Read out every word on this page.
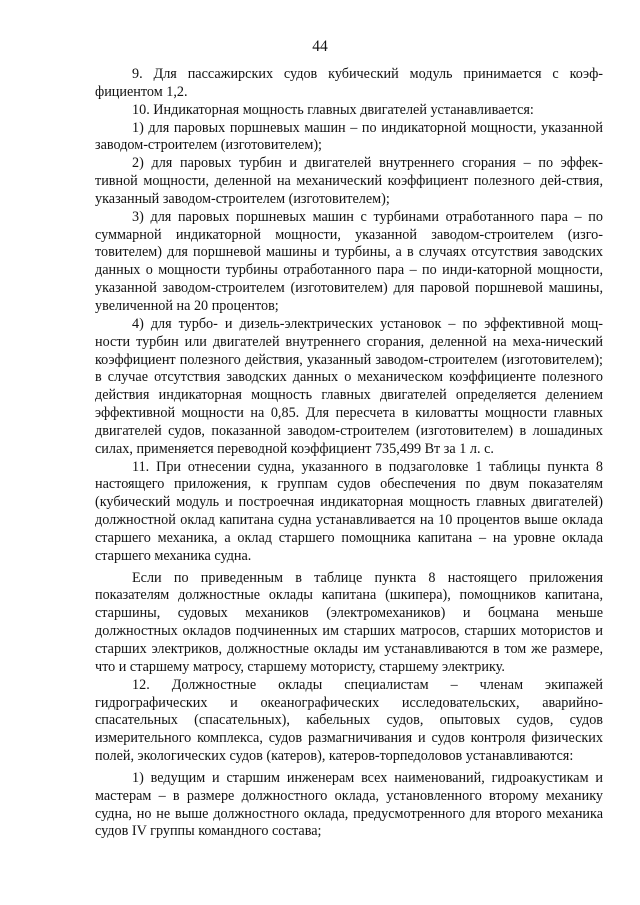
44

9. Для пассажирских судов кубический модуль принимается с коэф-фициентом 1,2.

10. Индикаторная мощность главных двигателей устанавливается:

1) для паровых поршневых машин – по индикаторной мощности, указанной заводом-строителем (изготовителем);

2) для паровых турбин и двигателей внутреннего сгорания – по эффек-тивной мощности, деленной на механический коэффициент полезного дей-ствия, указанный заводом-строителем (изготовителем);

3) для паровых поршневых машин с турбинами отработанного пара – по суммарной индикаторной мощности, указанной заводом-строителем (изго-товителем) для поршневой машины и турбины, а в случаях отсутствия заводских данных о мощности турбины отработанного пара – по инди-каторной мощности, указанной заводом-строителем (изготовителем) для паровой поршневой машины, увеличенной на 20 процентов;

4) для турбо- и дизель-электрических установок – по эффективной мощ-ности турбин или двигателей внутреннего сгорания, деленной на меха-нический коэффициент полезного действия, указанный заводом-строителем (изготовителем); в случае отсутствия заводских данных о механическом коэффициенте полезного действия индикаторная мощность главных двигателей определяется делением эффективной мощности на 0,85. Для пересчета в киловатты мощности главных двигателей судов, показанной заводом-строителем (изготовителем) в лошадиных силах, применяется переводной коэффициент 735,499 Вт за 1 л. с.

11. При отнесении судна, указанного в подзаголовке 1 таблицы пункта 8 настоящего приложения, к группам судов обеспечения по двум показателям (кубический модуль и построечная индикаторная мощность главных двигателей) должностной оклад капитана судна устанавливается на 10 процентов выше оклада старшего механика, а оклад старшего помощника капитана – на уровне оклада старшего механика судна.

Если по приведенным в таблице пункта 8 настоящего приложения показателям должностные оклады капитана (шкипера), помощников капитана, старшины, судовых механиков (электромехаников) и боцмана меньше должностных окладов подчиненных им старших матросов, старших мотористов и старших электриков, должностные оклады им устанавливаются в том же размере, что и старшему матросу, старшему мотористу, старшему электрику.

12. Должностные оклады специалистам – членам экипажей гидрографических и океанографических исследовательских, аварийно-спасательных (спасательных), кабельных судов, опытовых судов, судов измерительного комплекса, судов размагничивания и судов контроля физических полей, экологических судов (катеров), катеров-торпедоловов устанавливаются:

1) ведущим и старшим инженерам всех наименований, гидроакустикам и мастерам – в размере должностного оклада, установленного второму механику судна, но не выше должностного оклада, предусмотренного для второго механика судов IV группы командного состава;
